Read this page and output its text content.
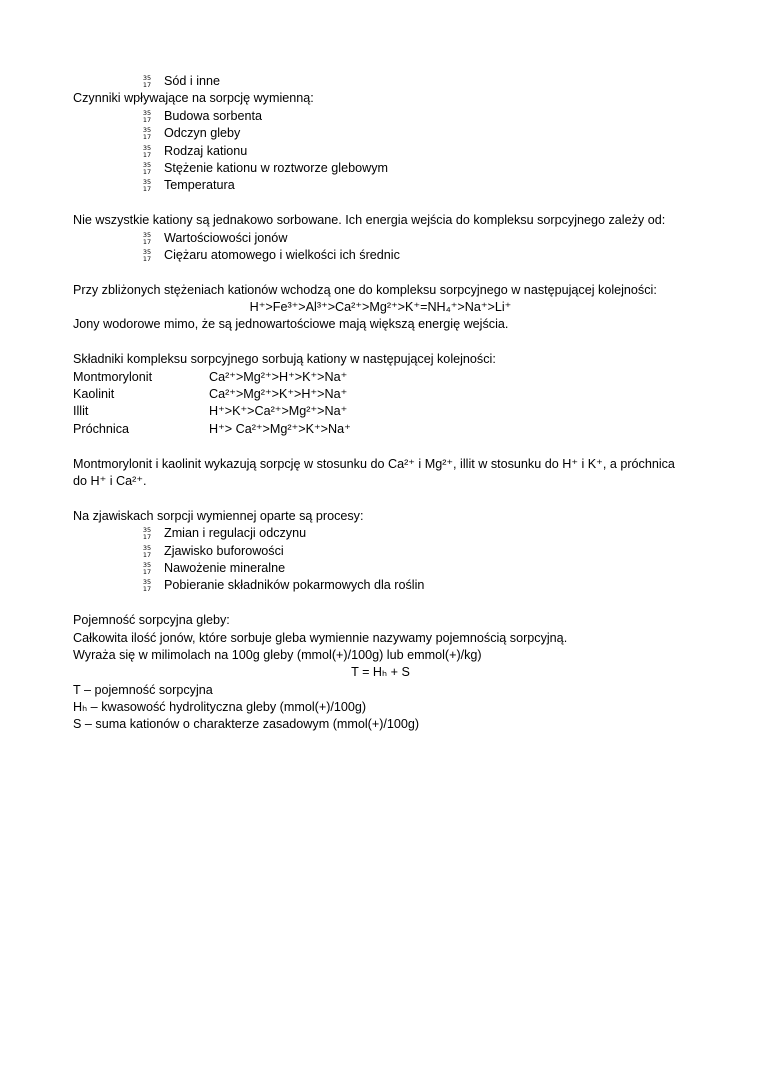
35
17 Sód i inne
Czynniki wpływające na sorpcję wymienną:
35
17 Budowa sorbenta
35
17 Odczyn gleby
35
17 Rodzaj kationu
35
17 Stężenie kationu w roztworze glebowym
35
17 Temperatura
Nie wszystkie kationy są jednakowo sorbowane. Ich energia wejścia do kompleksu sorpcyjnego zależy od:
35
17 Wartościowości jonów
35
17 Ciężaru atomowego i wielkości ich średnic
Przy zbliżonych stężeniach kationów wchodzą one do kompleksu sorpcyjnego w następującej kolejności:
H⁺>Fe³⁺>Al³⁺>Ca²⁺>Mg²⁺>K⁺=NH₄⁺>Na⁺>Li⁺
Jony wodorowe mimo, że są jednowartościowe mają większą energię wejścia.
Składniki kompleksu sorpcyjnego sorbują kationy w następującej kolejności:
Montmorylonit	Ca²⁺>Mg²⁺>H⁺>K⁺>Na⁺
Kaolinit	Ca²⁺>Mg²⁺>K⁺>H⁺>Na⁺
Illit	H⁺>K⁺>Ca²⁺>Mg²⁺>Na⁺
Próchnica	H⁺> Ca²⁺>Mg²⁺>K⁺>Na⁺
Montmorylonit i kaolinit wykazują sorpcję w stosunku do Ca²⁺ i Mg²⁺, illit w stosunku do H⁺ i K⁺, a próchnica do H⁺ i Ca²⁺.
Na zjawiskach sorpcji wymiennej oparte są procesy:
35
17 Zmian i regulacji odczynu
35
17 Zjawisko buforowości
35
17 Nawożenie mineralne
35
17 Pobieranie składników pokarmowych dla roślin
Pojemność sorpcyjna gleby:
Całkowita ilość jonów, które sorbuje gleba wymiennie nazywamy pojemnością sorpcyjną.
Wyraża się w milimolach na 100g gleby (mmol(+)/100g) lub emmol(+)/kg)
T = Hₕ + S
T – pojemność sorpcyjna
Hₕ – kwasowość hydrolityczna gleby (mmol(+)/100g)
S – suma kationów o charakterze zasadowym (mmol(+)/100g)
